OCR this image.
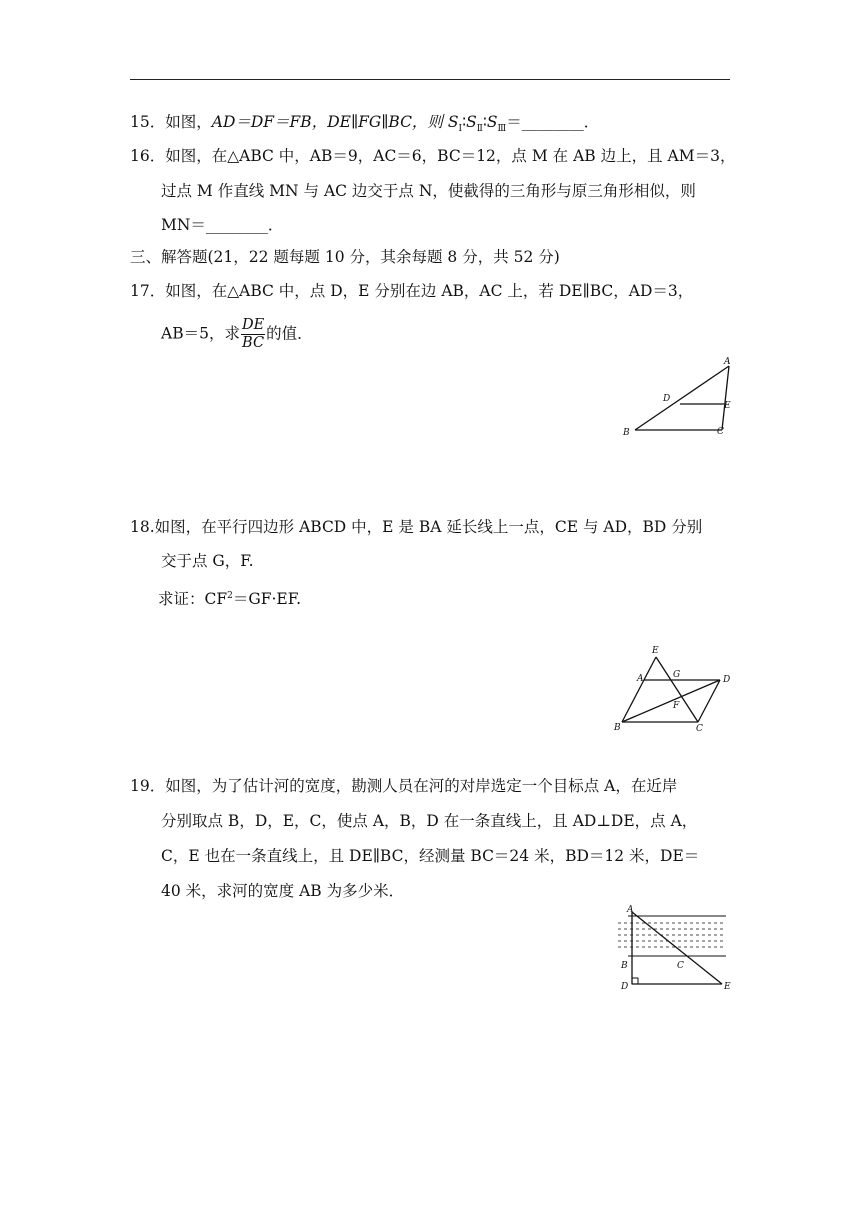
15．如图，AD＝DF＝FB，DE∥FG∥BC，则 $S_Ⅰ∶S_Ⅱ∶S_Ⅲ=\_\_\_\_\_\_\_\_$．
16．如图，在△ABC 中，AB＝9，AC＝6，BC＝12，点 M 在 AB 边上，且 AM＝3，
过点 M 作直线 MN 与 AC 边交于点 N，使截得的三角形与原三角形相似，则
MN＝________．
三、解答题(21，22 题每题 10 分，其余每题 8 分，共 52 分)
17．如图，在△ABC 中，点 D，E 分别在边 AB，AC 上，若 DE∥BC，AD＝3，
AB＝5，求 $\frac{DE}{BC}$ 的值．
A
D
E
B	C
18.如图，在平行四边形 ABCD 中，E 是 BA 延长线上一点，CE 与 AD，BD 分别
交于点 G，F.
求证：$CF^2=GF\cdot EF$.
E
A	G	D
F
B	C
19．如图，为了估计河的宽度，勘测人员在河的对岸选定一个目标点 A，在近岸
分别取点 B，D，E，C，使点 A，B，D 在一条直线上，且 AD⊥DE，点 A，
C，E 也在一条直线上，且 DE∥BC，经测量 BC＝24 米，BD＝12 米，DE＝
40 米，求河的宽度 AB 为多少米．
A
B	C
D	E
